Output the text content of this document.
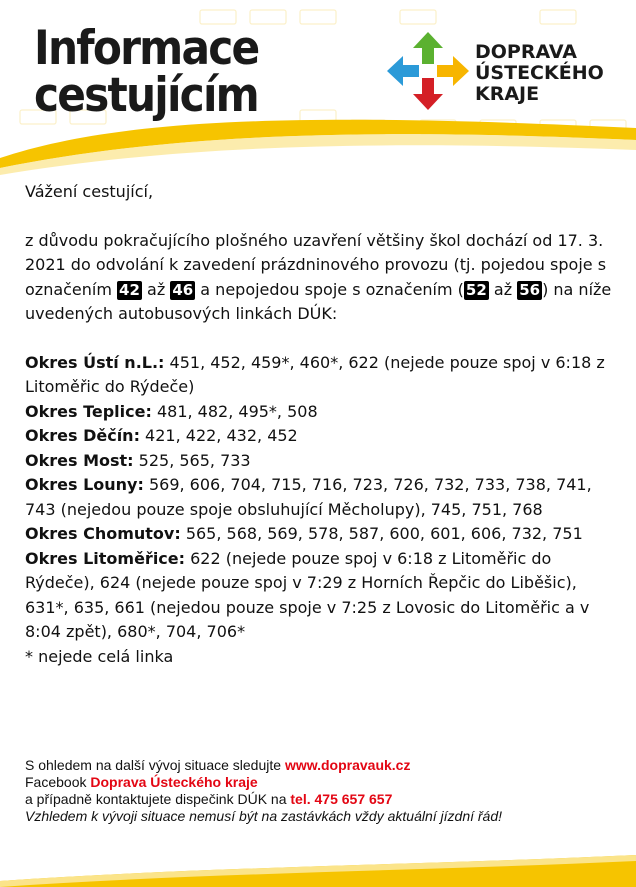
Informace
cestujícím
DOPRAVA
ÚSTECKÉHO
KRAJE

Vážení cestující,

z důvodu pokračujícího plošného uzavření většiny škol dochází od 17. 3. 2021 do odvolání k zavedení prázdninového provozu (tj. pojedou spoje s označením 42 až 46 a nepojedou spoje s označením ( 52 až 56 ) na níže uvedených autobusových linkách DÚK:

Okres Ústí n.L.: 451, 452, 459*, 460*, 622 (nejede pouze spoj v 6:18 z Litoměřic do Rýdeče)

Okres Teplice: 481, 482, 495*, 508

Okres Děčín: 421, 422, 432, 452

Okres Most: 525, 565, 733

Okres Louny: 569, 606, 704, 715, 716, 723, 726, 732, 733, 738, 741, 743 (nejedou pouze spoje obsluhující Měcholupy), 745, 751, 768

Okres Chomutov: 565, 568, 569, 578, 587, 600, 601, 606, 732, 751

Okres Litoměřice: 622 (nejede pouze spoj v 6:18 z Litoměřic do Rýdeče), 624 (nejede pouze spoj v 7:29 z Horních Řepčic do Liběšic), 631*, 635, 661 (nejedou pouze spoje v 7:25 z Lovosic do Litoměřic a v 8:04 zpět), 680*, 704, 706*

* nejede celá linka

S ohledem na další vývoj situace sledujte www.dopravauk.cz
Facebook Doprava Ústeckého kraje
a případně kontaktujete dispečink DÚK na tel. 475 657 657
Vzhledem k vývoji situace nemusí být na zastávkách vždy aktuální jízdní řád!
